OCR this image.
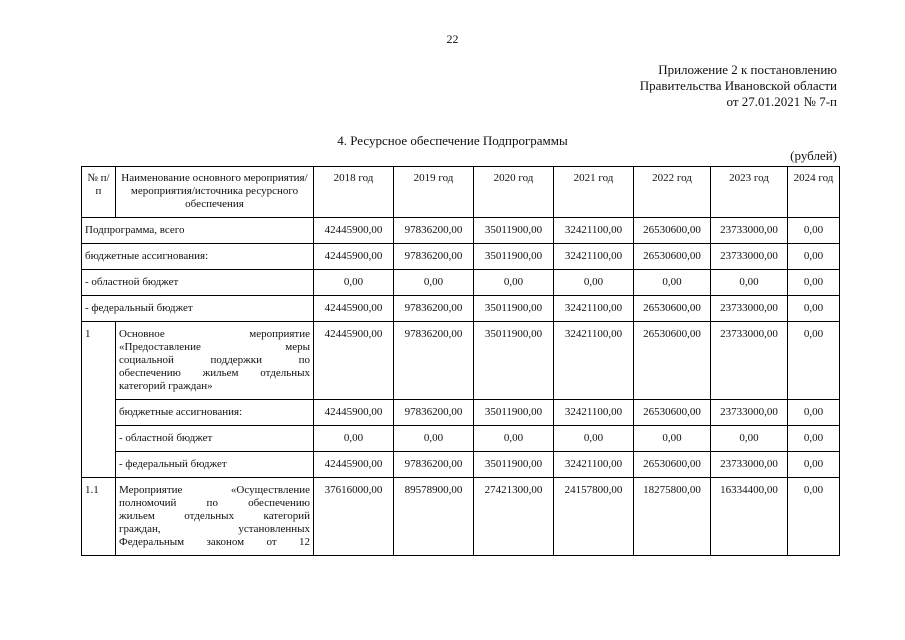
22
Приложение 2 к постановлению
Правительства Ивановской области
от 27.01.2021 № 7-п
4. Ресурсное обеспечение Подпрограммы
(рублей)
№ п/п	Наименование основного мероприятия/мероприятия/источника ресурсного обеспечения	2018 год	2019 год	2020 год	2021 год	2022 год	2023 год	2024 год
Подпрограмма, всего		42445900,00	97836200,00	35011900,00	32421100,00	26530600,00	23733000,00	0,00
бюджетные ассигнования:		42445900,00	97836200,00	35011900,00	32421100,00	26530600,00	23733000,00	0,00
- областной бюджет		0,00	0,00	0,00	0,00	0,00	0,00	0,00
- федеральный бюджет		42445900,00	97836200,00	35011900,00	32421100,00	26530600,00	23733000,00	0,00
1	Основное мероприятие
«Предоставление меры
социальной поддержки по
обеспечению жильем отдельных
категорий граждан»	42445900,00	97836200,00	35011900,00	32421100,00	26530600,00	23733000,00	0,00
	бюджетные ассигнования:	42445900,00	97836200,00	35011900,00	32421100,00	26530600,00	23733000,00	0,00
	- областной бюджет	0,00	0,00	0,00	0,00	0,00	0,00	0,00
	- федеральный бюджет	42445900,00	97836200,00	35011900,00	32421100,00	26530600,00	23733000,00	0,00
1.1	Мероприятие «Осуществление
полномочий по обеспечению
жильем отдельных категорий
граждан, установленных
Федеральным законом от 12	37616000,00	89578900,00	27421300,00	24157800,00	18275800,00	16334400,00	0,00
